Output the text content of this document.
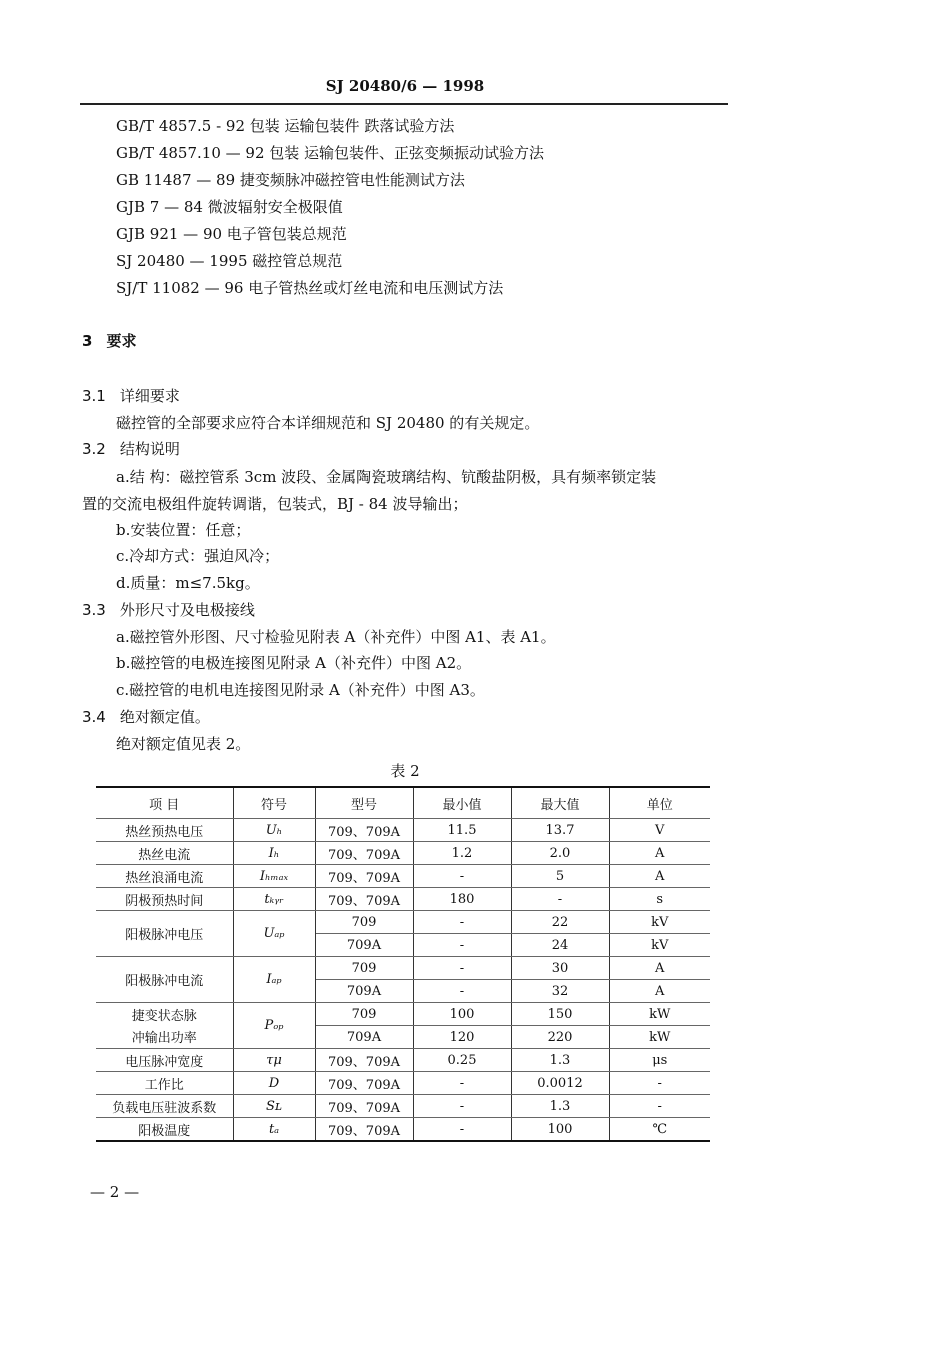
SJ 20480/6 — 1998
GB/T 4857.5 - 92 包装 运输包装件 跌落试验方法
GB/T 4857.10 — 92 包装 运输包装件、正弦变频振动试验方法
GB 11487 — 89 捷变频脉冲磁控管电性能测试方法
GJB 7 — 84 微波辐射安全极限值
GJB 921 — 90 电子管包装总规范
SJ 20480 — 1995 磁控管总规范
SJ/T 11082 — 96 电子管热丝或灯丝电流和电压测试方法
3 要求
3.1 详细要求
磁控管的全部要求应符合本详细规范和 SJ 20480 的有关规定。
3.2 结构说明
a.结 构：磁控管系 3cm 波段、金属陶瓷玻璃结构、钪酸盐阴极，具有频率锁定装
置的交流电极组件旋转调谐，包装式，BJ - 84 波导输出；
b.安装位置：任意；
c.冷却方式：强迫风冷；
d.质量：m≤7.5kg。
3.3 外形尺寸及电极接线
a.磁控管外形图、尺寸检验见附表 A（补充件）中图 A1、表 A1。
b.磁控管的电极连接图见附录 A（补充件）中图 A2。
c.磁控管的电机电连接图见附录 A（补充件）中图 A3。
3.4 绝对额定值。
绝对额定值见表 2。
表 2
项 目	符号	型号	最小值	最大值	单位
热丝预热电压	Uₕ	709、709A	11.5	13.7	V
热丝电流	Iₕ	709、709A	1.2	2.0	A
热丝浪涌电流	Iₕₘₐₓ	709、709A	-	5	A
阴极预热时间	tₖᵧᵣ	709、709A	180	-	s
阳极脉冲电压	Uₐₚ	709	-	22	kV
		709A	-	24	kV
阳极脉冲电流	Iₐₚ	709	-	30	A
		709A	-	32	A
捷变状态脉	Pₒₚ	709	100	150	kW
冲输出功率		709A	120	220	kW
电压脉冲宽度	τμ	709、709A	0.25	1.3	μs
工作比	D	709、709A	-	0.0012	-
负载电压驻波系数	Sʟ	709、709A	-	1.3	-
阳极温度	tₐ	709、709A	-	100	℃
— 2 —
